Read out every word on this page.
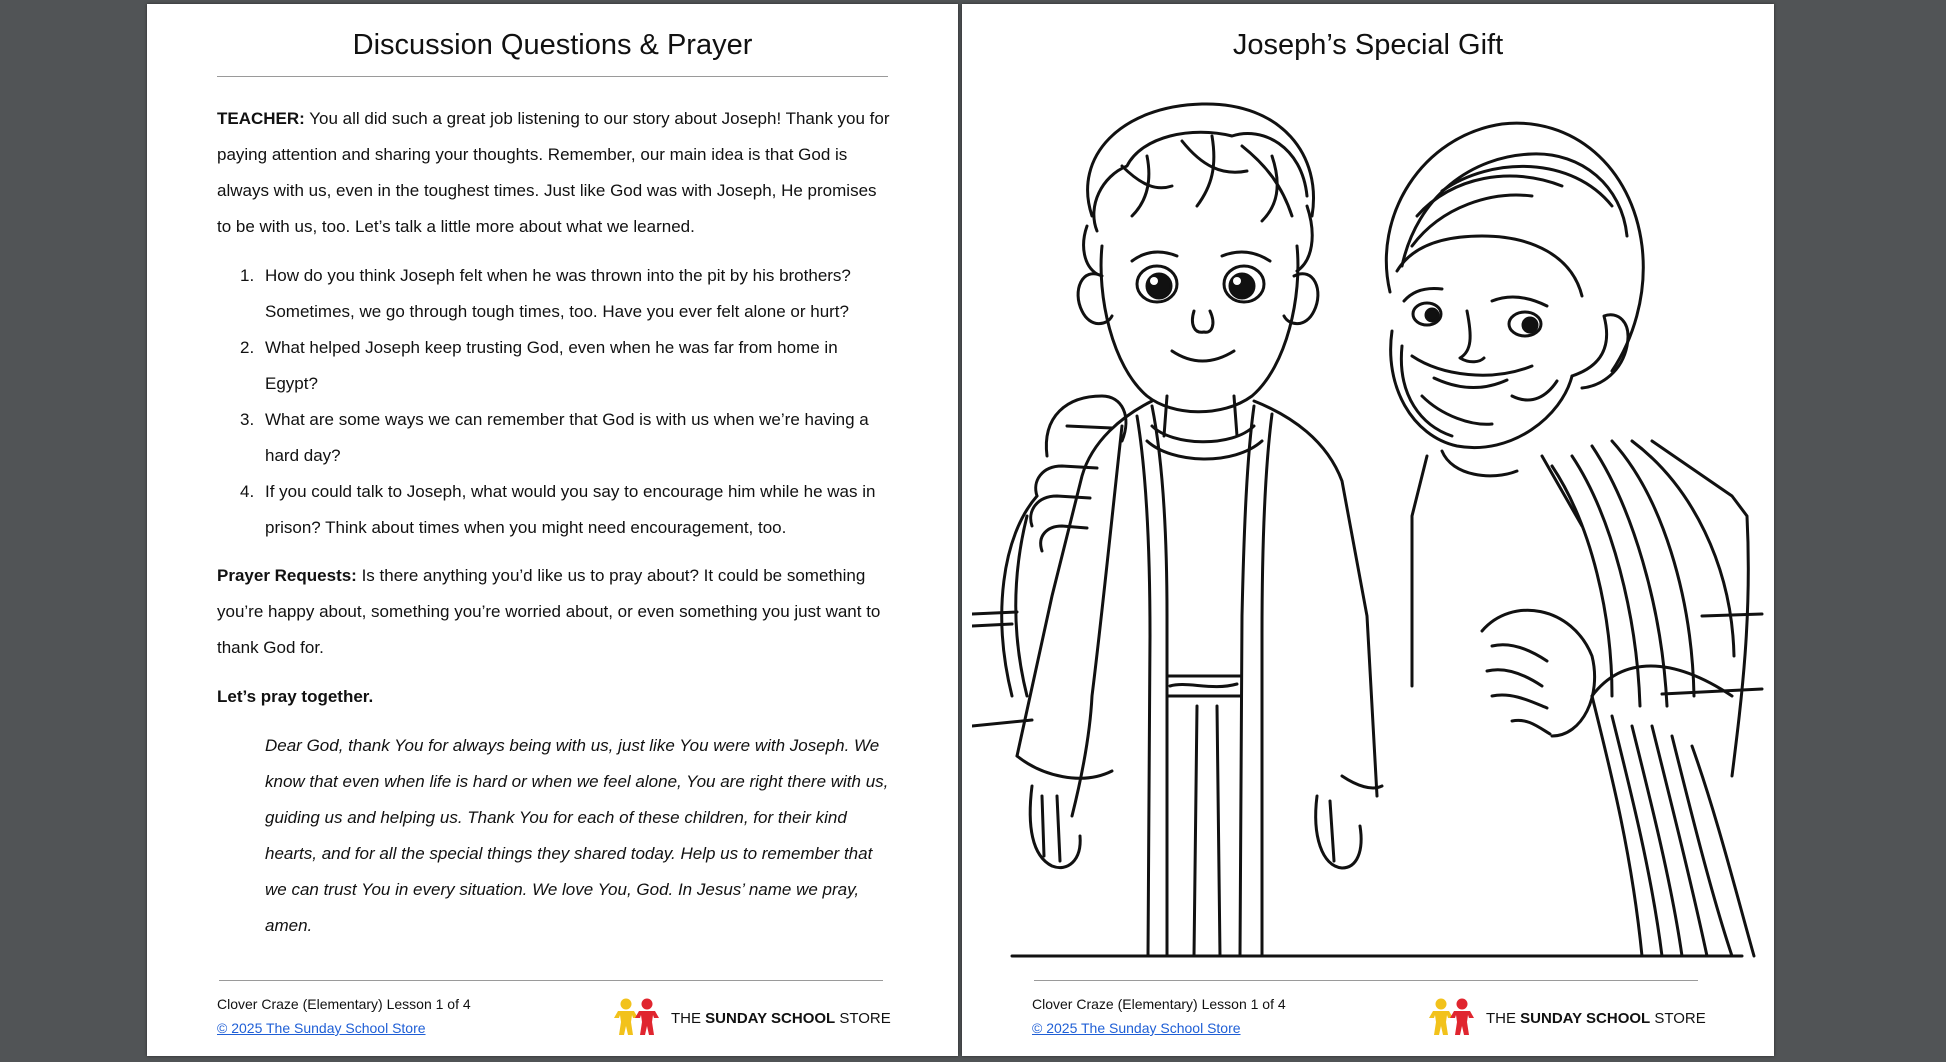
Discussion Questions & Prayer
TEACHER: You all did such a great job listening to our story about Joseph! Thank you for paying attention and sharing your thoughts. Remember, our main idea is that God is always with us, even in the toughest times. Just like God was with Joseph, He promises to be with us, too. Let’s talk a little more about what we learned.
1. How do you think Joseph felt when he was thrown into the pit by his brothers? Sometimes, we go through tough times, too. Have you ever felt alone or hurt?
2. What helped Joseph keep trusting God, even when he was far from home in Egypt?
3. What are some ways we can remember that God is with us when we’re having a hard day?
4. If you could talk to Joseph, what would you say to encourage him while he was in prison? Think about times when you might need encouragement, too.
Prayer Requests: Is there anything you’d like us to pray about? It could be something you’re happy about, something you’re worried about, or even something you just want to thank God for.
Let’s pray together.
Dear God, thank You for always being with us, just like You were with Joseph. We know that even when life is hard or when we feel alone, You are right there with us, guiding us and helping us. Thank You for each of these children, for their kind hearts, and for all the special things they shared today. Help us to remember that we can trust You in every situation. We love You, God. In Jesus’ name we pray, amen.
Clover Craze (Elementary) Lesson 1 of 4
© 2025 The Sunday School Store
THE SUNDAY SCHOOL STORE
Joseph’s Special Gift
Clover Craze (Elementary) Lesson 1 of 4
© 2025 The Sunday School Store
THE SUNDAY SCHOOL STORE
